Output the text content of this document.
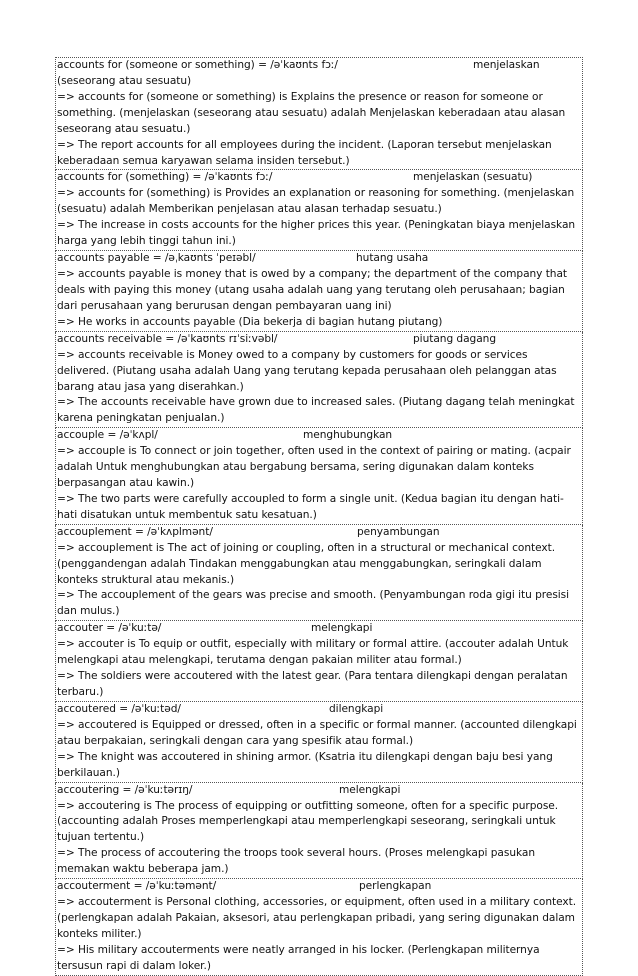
accounts for (someone or something) = /əˈkaʊnts fɔː/	menjelaskan
(seseorang atau sesuatu)
=> accounts for (someone or something) is Explains the presence or reason for someone or something. (menjelaskan (seseorang atau sesuatu) adalah Menjelaskan keberadaan atau alasan seseorang atau sesuatu.)
=> The report accounts for all employees during the incident. (Laporan tersebut menjelaskan keberadaan semua karyawan selama insiden tersebut.)
accounts for (something) = /əˈkaʊnts fɔː/	menjelaskan (sesuatu)
=> accounts for (something) is Provides an explanation or reasoning for something. (menjelaskan (sesuatu) adalah Memberikan penjelasan atau alasan terhadap sesuatu.)
=> The increase in costs accounts for the higher prices this year. (Peningkatan biaya menjelaskan harga yang lebih tinggi tahun ini.)
accounts payable = /əˌkaʊnts ˈpeɪəbl/	hutang usaha
=> accounts payable is money that is owed by a company; the department of the company that deals with paying this money (utang usaha adalah uang yang terutang oleh perusahaan; bagian dari perusahaan yang berurusan dengan pembayaran uang ini)
=> He works in accounts payable (Dia bekerja di bagian hutang piutang)
accounts receivable = /əˈkaʊnts rɪˈsiːvəbl/	piutang dagang
=> accounts receivable is Money owed to a company by customers for goods or services delivered. (Piutang usaha adalah Uang yang terutang kepada perusahaan oleh pelanggan atas barang atau jasa yang diserahkan.)
=> The accounts receivable have grown due to increased sales. (Piutang dagang telah meningkat karena peningkatan penjualan.)
accouple = /əˈkʌpl/	menghubungkan
=> accouple is To connect or join together, often used in the context of pairing or mating. (acpair adalah Untuk menghubungkan atau bergabung bersama, sering digunakan dalam konteks berpasangan atau kawin.)
=> The two parts were carefully accoupled to form a single unit. (Kedua bagian itu dengan hati-hati disatukan untuk membentuk satu kesatuan.)
accouplement = /əˈkʌplmənt/	penyambungan
=> accouplement is The act of joining or coupling, often in a structural or mechanical context. (penggandengan adalah Tindakan menggabungkan atau menggabungkan, seringkali dalam konteks struktural atau mekanis.)
=> The accouplement of the gears was precise and smooth. (Penyambungan roda gigi itu presisi dan mulus.)
accouter = /əˈkuːtə/	melengkapi
=> accouter is To equip or outfit, especially with military or formal attire. (accouter adalah Untuk melengkapi atau melengkapi, terutama dengan pakaian militer atau formal.)
=> The soldiers were accoutered with the latest gear. (Para tentara dilengkapi dengan peralatan terbaru.)
accoutered = /əˈkuːtəd/	dilengkapi
=> accoutered is Equipped or dressed, often in a specific or formal manner. (accounted dilengkapi atau berpakaian, seringkali dengan cara yang spesifik atau formal.)
=> The knight was accoutered in shining armor. (Ksatria itu dilengkapi dengan baju besi yang berkilauan.)
accoutering = /əˈkuːtərɪŋ/	melengkapi
=> accoutering is The process of equipping or outfitting someone, often for a specific purpose. (accounting adalah Proses memperlengkapi atau memperlengkapi seseorang, seringkali untuk tujuan tertentu.)
=> The process of accoutering the troops took several hours. (Proses melengkapi pasukan memakan waktu beberapa jam.)
accouterment = /əˈkuːtəmənt/	perlengkapan
=> accouterment is Personal clothing, accessories, or equipment, often used in a military context. (perlengkapan adalah Pakaian, aksesori, atau perlengkapan pribadi, yang sering digunakan dalam konteks militer.)
=> His military accouterments were neatly arranged in his locker. (Perlengkapan militernya tersusun rapi di dalam loker.)
